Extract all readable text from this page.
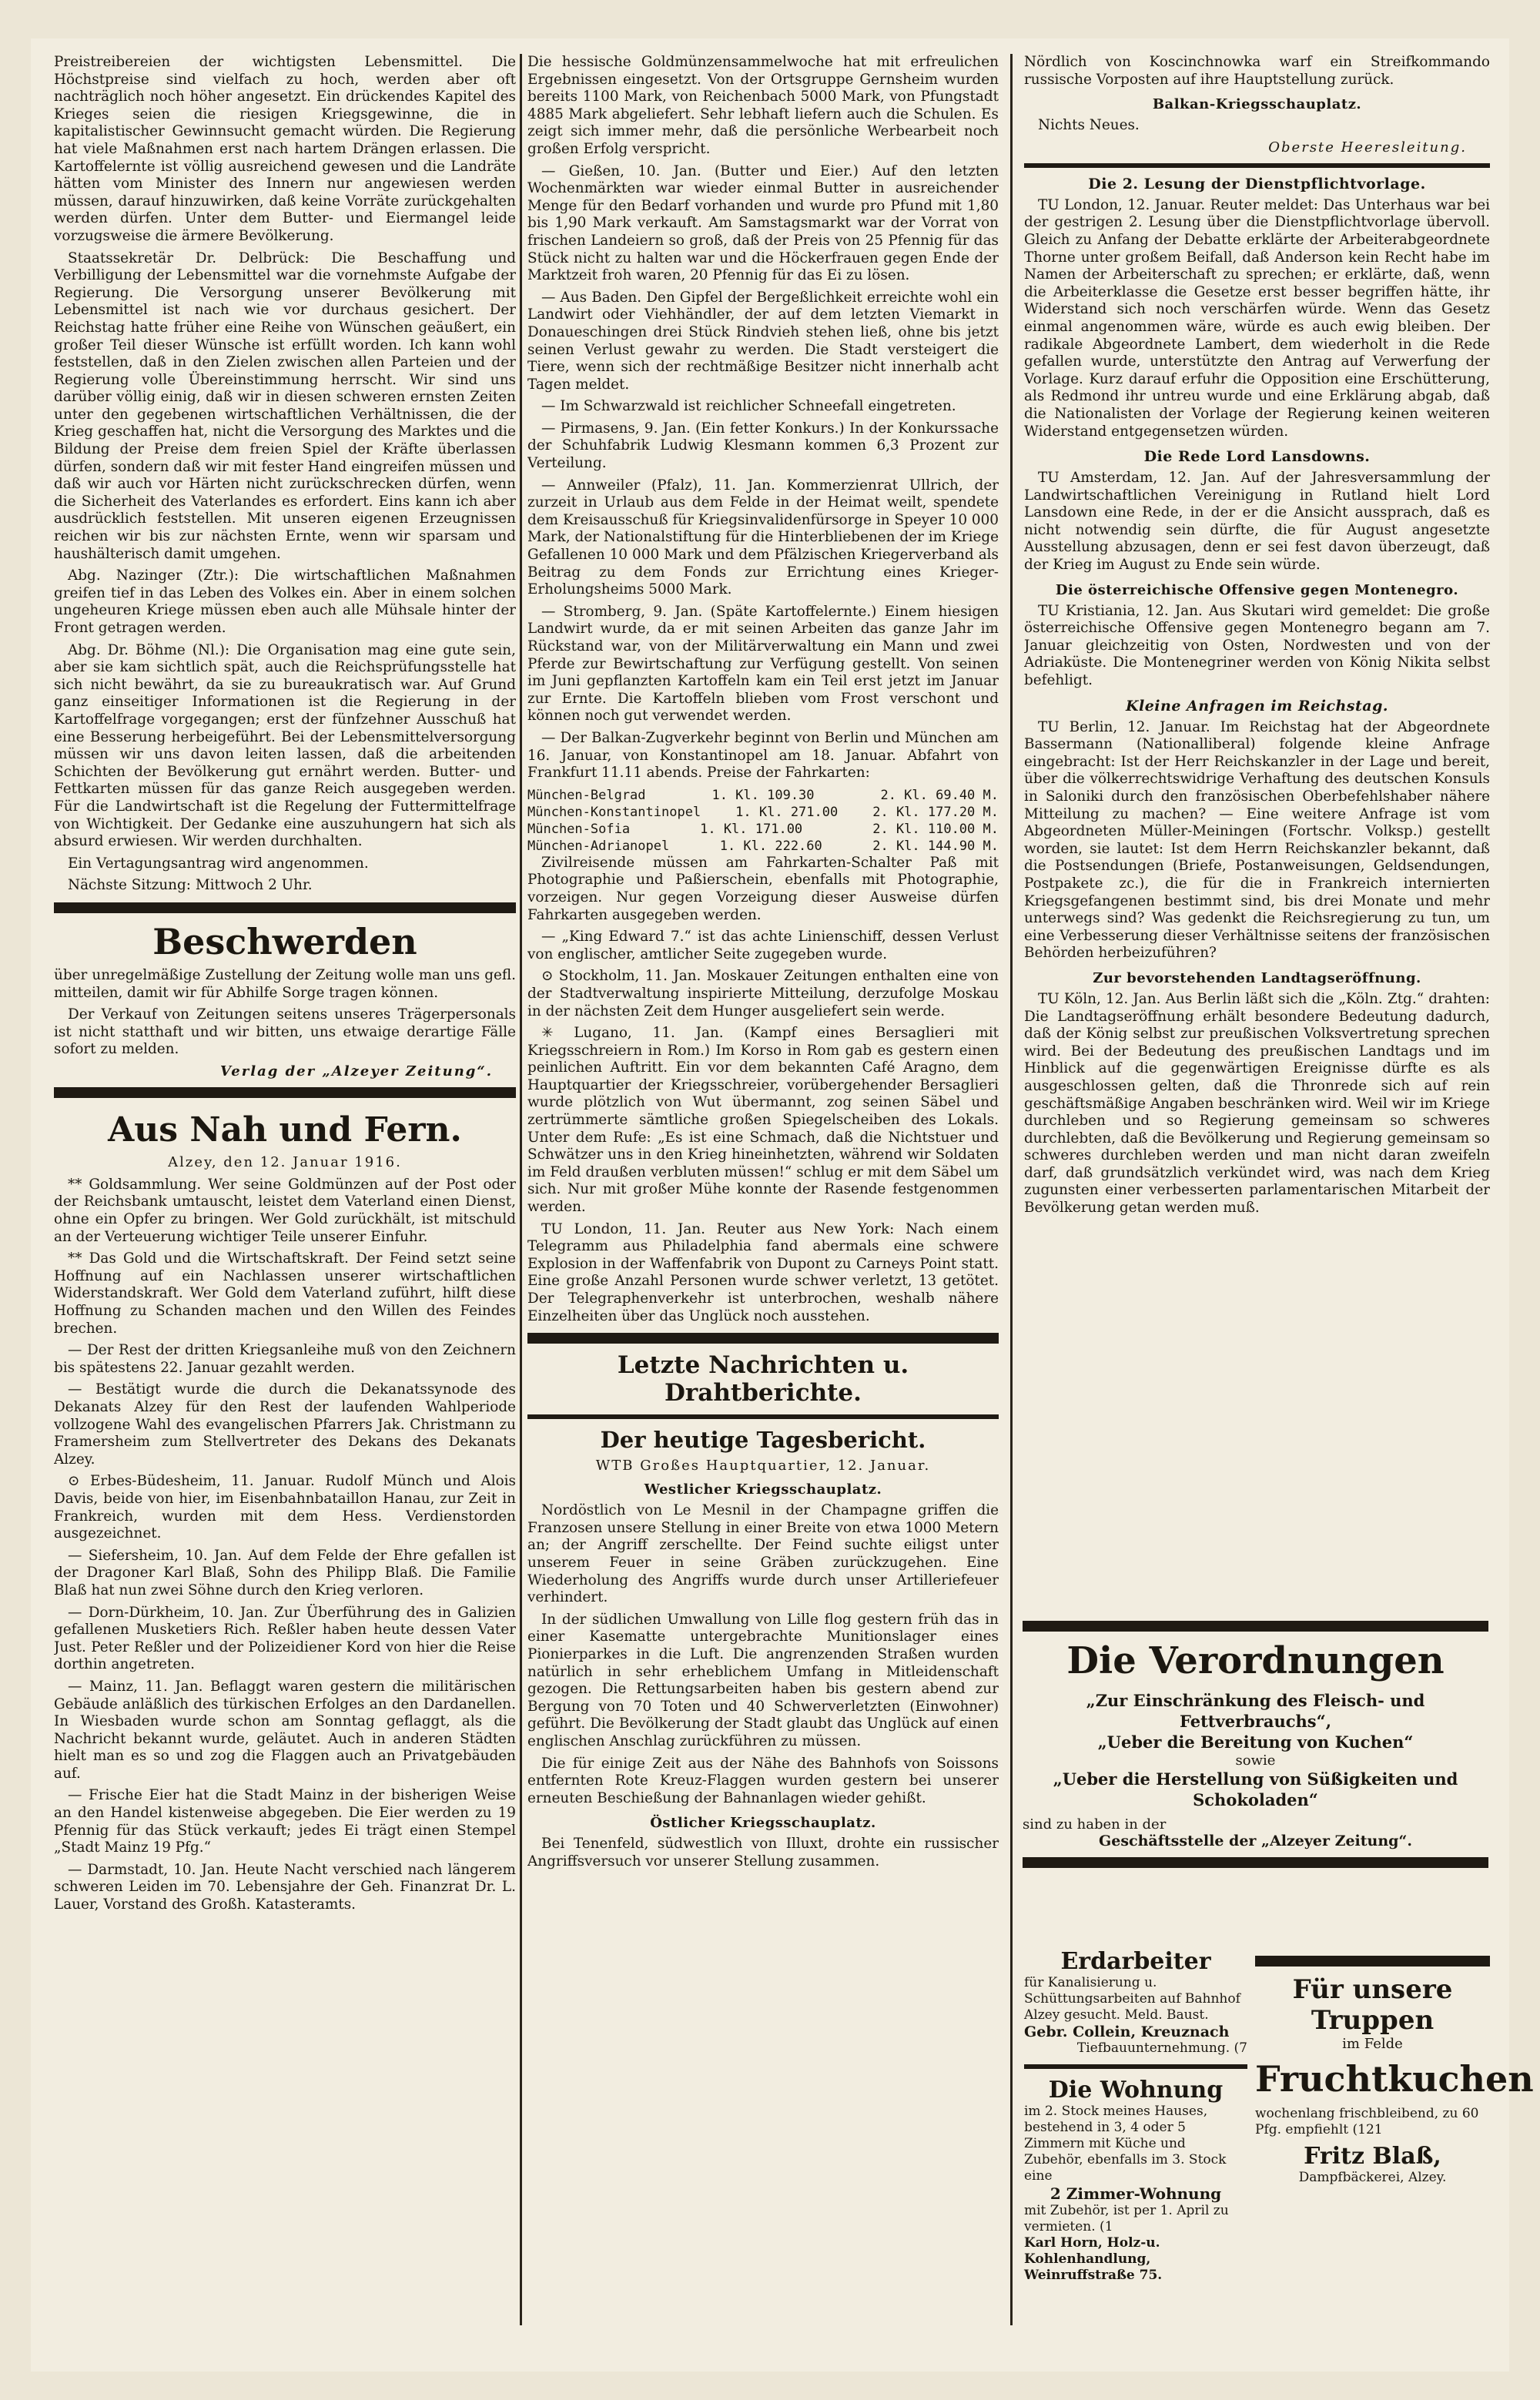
Preistreibereien der wichtigsten Lebensmittel. Die Höchstpreise sind vielfach zu hoch, werden aber oft nachträglich noch höher angesetzt. Ein drückendes Kapitel des Krieges seien die riesigen Kriegsgewinne, die in kapitalistischer Gewinnsucht gemacht würden. Die Regierung hat viele Maßnahmen erst nach hartem Drängen erlassen. Die Kartoffelernte ist völlig ausreichend gewesen und die Landräte hätten vom Minister des Innern nur angewiesen werden müssen, darauf hinzuwirken, daß keine Vorräte zurückgehalten werden dürfen. Unter dem Butter- und Eiermangel leide vorzugsweise die ärmere Bevölkerung.

Staatssekretär Dr. Delbrück: Die Beschaffung und Verbilligung der Lebensmittel war die vornehmste Aufgabe der Regierung. Die Versorgung unserer Bevölkerung mit Lebensmittel ist nach wie vor durchaus gesichert. Der Reichstag hatte früher eine Reihe von Wünschen geäußert, ein großer Teil dieser Wünsche ist erfüllt worden. Ich kann wohl feststellen, daß in den Zielen zwischen allen Parteien und der Regierung volle Übereinstimmung herrscht. Wir sind uns darüber völlig einig, daß wir in diesen schweren ernsten Zeiten unter den gegebenen wirtschaftlichen Verhältnissen, die der Krieg geschaffen hat, nicht die Versorgung des Marktes und die Bildung der Preise dem freien Spiel der Kräfte überlassen dürfen, sondern daß wir mit fester Hand eingreifen müssen und daß wir auch vor Härten nicht zurückschrecken dürfen, wenn die Sicherheit des Vaterlandes es erfordert. Eins kann ich aber ausdrücklich feststellen. Mit unseren eigenen Erzeugnissen reichen wir bis zur nächsten Ernte, wenn wir sparsam und haushälterisch damit umgehen.

Abg. Nazinger (Ztr.): Die wirtschaftlichen Maßnahmen greifen tief in das Leben des Volkes ein. Aber in einem solchen ungeheuren Kriege müssen eben auch alle Mühsale hinter der Front getragen werden.

Abg. Dr. Böhme (Nl.): Die Organisation mag eine gute sein, aber sie kam sichtlich spät, auch die Reichsprüfungsstelle hat sich nicht bewährt, da sie zu bureaukratisch war. Auf Grund ganz einseitiger Informationen ist die Regierung in der Kartoffelfrage vorgegangen; erst der fünfzehner Ausschuß hat eine Besserung herbeigeführt. Bei der Lebensmittelversorgung müssen wir uns davon leiten lassen, daß die arbeitenden Schichten der Bevölkerung gut ernährt werden. Butter- und Fettkarten müssen für das ganze Reich ausgegeben werden. Für die Landwirtschaft ist die Regelung der Futtermittelfrage von Wichtigkeit. Der Gedanke eine auszuhungern hat sich als absurd erwiesen. Wir werden durchhalten.

Ein Vertagungsantrag wird angenommen.

Nächste Sitzung: Mittwoch 2 Uhr.

Beschwerden

über unregelmäßige Zustellung der Zeitung wolle man uns gefl. mitteilen, damit wir für Abhilfe Sorge tragen können.

Der Verkauf von Zeitungen seitens unseres Trägerpersonals ist nicht statthaft und wir bitten, uns etwaige derartige Fälle sofort zu melden.

Verlag der „Alzeyer Zeitung“.
Aus Nah und Fern.
Alzey, den 12. Januar 1916.

** Goldsammlung. Wer seine Goldmünzen auf der Post oder der Reichsbank umtauscht, leistet dem Vaterland einen Dienst, ohne ein Opfer zu bringen. Wer Gold zurückhält, ist mitschuld an der Verteuerung wichtiger Teile unserer Einfuhr.

** Das Gold und die Wirtschaftskraft. Der Feind setzt seine Hoffnung auf ein Nachlassen unserer wirtschaftlichen Widerstandskraft. Wer Gold dem Vaterland zuführt, hilft diese Hoffnung zu Schanden machen und den Willen des Feindes brechen.

— Der Rest der dritten Kriegsanleihe muß von den Zeichnern bis spätestens 22. Januar gezahlt werden.

— Bestätigt wurde die durch die Dekanatssynode des Dekanats Alzey für den Rest der laufenden Wahlperiode vollzogene Wahl des evangelischen Pfarrers Jak. Christmann zu Framersheim zum Stellvertreter des Dekans des Dekanats Alzey.

⊙ Erbes-Büdesheim, 11. Januar. Rudolf Münch und Alois Davis, beide von hier, im Eisenbahnbataillon Hanau, zur Zeit in Frankreich, wurden mit dem Hess. Verdienstorden ausgezeichnet.

— Siefersheim, 10. Jan. Auf dem Felde der Ehre gefallen ist der Dragoner Karl Blaß, Sohn des Philipp Blaß. Die Familie Blaß hat nun zwei Söhne durch den Krieg verloren.

— Dorn-Dürkheim, 10. Jan. Zur Überführung des in Galizien gefallenen Musketiers Rich. Reßler haben heute dessen Vater Just. Peter Reßler und der Polizeidiener Kord von hier die Reise dorthin angetreten.

— Mainz, 11. Jan. Beflaggt waren gestern die militärischen Gebäude anläßlich des türkischen Erfolges an den Dardanellen. In Wiesbaden wurde schon am Sonntag geflaggt, als die Nachricht bekannt wurde, geläutet. Auch in anderen Städten hielt man es so und zog die Flaggen auch an Privatgebäuden auf.

— Frische Eier hat die Stadt Mainz in der bisherigen Weise an den Handel kistenweise abgegeben. Die Eier werden zu 19 Pfennig für das Stück verkauft; jedes Ei trägt einen Stempel „Stadt Mainz 19 Pfg.“

— Darmstadt, 10. Jan. Heute Nacht verschied nach längerem schweren Leiden im 70. Lebensjahre der Geh. Finanzrat Dr. L. Lauer, Vorstand des Großh. Katasteramts.

Die hessische Goldmünzensammelwoche hat mit erfreulichen Ergebnissen eingesetzt. Von der Ortsgruppe Gernsheim wurden bereits 1100 Mark, von Reichenbach 5000 Mark, von Pfungstadt 4885 Mark abgeliefert. Sehr lebhaft liefern auch die Schulen. Es zeigt sich immer mehr, daß die persönliche Werbearbeit noch großen Erfolg verspricht.

— Gießen, 10. Jan. (Butter und Eier.) Auf den letzten Wochenmärkten war wieder einmal Butter in ausreichender Menge für den Bedarf vorhanden und wurde pro Pfund mit 1,80 bis 1,90 Mark verkauft. Am Samstagsmarkt war der Vorrat von frischen Landeiern so groß, daß der Preis von 25 Pfennig für das Stück nicht zu halten war und die Höckerfrauen gegen Ende der Marktzeit froh waren, 20 Pfennig für das Ei zu lösen.

— Aus Baden. Den Gipfel der Bergeßlichkeit erreichte wohl ein Landwirt oder Viehhändler, der auf dem letzten Viemarkt in Donaueschingen drei Stück Rindvieh stehen ließ, ohne bis jetzt seinen Verlust gewahr zu werden. Die Stadt versteigert die Tiere, wenn sich der rechtmäßige Besitzer nicht innerhalb acht Tagen meldet.

— Im Schwarzwald ist reichlicher Schneefall eingetreten.

— Pirmasens, 9. Jan. (Ein fetter Konkurs.) In der Konkurssache der Schuhfabrik Ludwig Klesmann kommen 6,3 Prozent zur Verteilung.

— Annweiler (Pfalz), 11. Jan. Kommerzienrat Ullrich, der zurzeit in Urlaub aus dem Felde in der Heimat weilt, spendete dem Kreisausschuß für Kriegsinvalidenfürsorge in Speyer 10 000 Mark, der Nationalstiftung für die Hinterbliebenen der im Kriege Gefallenen 10 000 Mark und dem Pfälzischen Kriegerverband als Beitrag zu dem Fonds zur Errichtung eines Krieger-Erholungsheims 5000 Mark.

— Stromberg, 9. Jan. (Späte Kartoffelernte.) Einem hiesigen Landwirt wurde, da er mit seinen Arbeiten das ganze Jahr im Rückstand war, von der Militärverwaltung ein Mann und zwei Pferde zur Bewirtschaftung zur Verfügung gestellt. Von seinen im Juni gepflanzten Kartoffeln kam ein Teil erst jetzt im Januar zur Ernte. Die Kartoffeln blieben vom Frost verschont und können noch gut verwendet werden.

— Der Balkan-Zugverkehr beginnt von Berlin und München am 16. Januar, von Konstantinopel am 18. Januar. Abfahrt von Frankfurt 11.11 abends. Preise der Fahrkarten:

München-Belgrad	1. Kl. 109.30	2. Kl. 69.40 M.
München-Konstantinopel	1. Kl. 271.00	2. Kl. 177.20 M.
München-Sofia	1. Kl. 171.00	2. Kl. 110.00 M.
München-Adrianopel	1. Kl. 222.60	2. Kl. 144.90 M.

Zivilreisende müssen am Fahrkarten-Schalter Paß mit Photographie und Paßierschein, ebenfalls mit Photographie, vorzeigen. Nur gegen Vorzeigung dieser Ausweise dürfen Fahrkarten ausgegeben werden.

— „King Edward 7.“ ist das achte Linienschiff, dessen Verlust von englischer, amtlicher Seite zugegeben wurde.

⊙ Stockholm, 11. Jan. Moskauer Zeitungen enthalten eine von der Stadtverwaltung inspirierte Mitteilung, derzufolge Moskau in der nächsten Zeit dem Hunger ausgeliefert sein werde.

✳ Lugano, 11. Jan. (Kampf eines Bersaglieri mit Kriegsschreiern in Rom.) Im Korso in Rom gab es gestern einen peinlichen Auftritt. Ein vor dem bekannten Café Aragno, dem Hauptquartier der Kriegsschreier, vorübergehender Bersaglieri wurde plötzlich von Wut übermannt, zog seinen Säbel und zertrümmerte sämtliche großen Spiegelscheiben des Lokals. Unter dem Rufe: „Es ist eine Schmach, daß die Nichtstuer und Schwätzer uns in den Krieg hineinhetzten, während wir Soldaten im Feld draußen verbluten müssen!“ schlug er mit dem Säbel um sich. Nur mit großer Mühe konnte der Rasende festgenommen werden.

TU London, 11. Jan. Reuter aus New York: Nach einem Telegramm aus Philadelphia fand abermals eine schwere Explosion in der Waffenfabrik von Dupont zu Carneys Point statt. Eine große Anzahl Personen wurde schwer verletzt, 13 getötet. Der Telegraphenverkehr ist unterbrochen, weshalb nähere Einzelheiten über das Unglück noch ausstehen.

Letzte Nachrichten u. Drahtberichte.
Der heutige Tagesbericht.
WTB Großes Hauptquartier, 12. Januar.
Westlicher Kriegsschauplatz.

Nordöstlich von Le Mesnil in der Champagne griffen die Franzosen unsere Stellung in einer Breite von etwa 1000 Metern an; der Angriff zerschellte. Der Feind suchte eiligst unter unserem Feuer in seine Gräben zurückzugehen. Eine Wiederholung des Angriffs wurde durch unser Artilleriefeuer verhindert.

In der südlichen Umwallung von Lille flog gestern früh das in einer Kasematte untergebrachte Munitionslager eines Pionierparkes in die Luft. Die angrenzenden Straßen wurden natürlich in sehr erheblichem Umfang in Mitleidenschaft gezogen. Die Rettungsarbeiten haben bis gestern abend zur Bergung von 70 Toten und 40 Schwerverletzten (Einwohner) geführt. Die Bevölkerung der Stadt glaubt das Unglück auf einen englischen Anschlag zurückführen zu müssen.

Die für einige Zeit aus der Nähe des Bahnhofs von Soissons entfernten Rote Kreuz-Flaggen wurden gestern bei unserer erneuten Beschießung der Bahnanlagen wieder gehißt.

Östlicher Kriegsschauplatz.

Bei Tenenfeld, südwestlich von Illuxt, drohte ein russischer Angriffsversuch vor unserer Stellung zusammen.

Nördlich von Koscinchnowka warf ein Streifkommando russische Vorposten auf ihre Hauptstellung zurück.

Balkan-Kriegsschauplatz.

Nichts Neues.

Oberste Heeresleitung.
Die 2. Lesung der Dienstpflichtvorlage.

TU London, 12. Januar. Reuter meldet: Das Unterhaus war bei der gestrigen 2. Lesung über die Dienstpflichtvorlage übervoll. Gleich zu Anfang der Debatte erklärte der Arbeiterabgeordnete Thorne unter großem Beifall, daß Anderson kein Recht habe im Namen der Arbeiterschaft zu sprechen; er erklärte, daß, wenn die Arbeiterklasse die Gesetze erst besser begriffen hätte, ihr Widerstand sich noch verschärfen würde. Wenn das Gesetz einmal angenommen wäre, würde es auch ewig bleiben. Der radikale Abgeordnete Lambert, dem wiederholt in die Rede gefallen wurde, unterstützte den Antrag auf Verwerfung der Vorlage. Kurz darauf erfuhr die Opposition eine Erschütterung, als Redmond ihr untreu wurde und eine Erklärung abgab, daß die Nationalisten der Vorlage der Regierung keinen weiteren Widerstand entgegensetzen würden.

Die Rede Lord Lansdowns.

TU Amsterdam, 12. Jan. Auf der Jahresversammlung der Landwirtschaftlichen Vereinigung in Rutland hielt Lord Lansdown eine Rede, in der er die Ansicht aussprach, daß es nicht notwendig sein dürfte, die für August angesetzte Ausstellung abzusagen, denn er sei fest davon überzeugt, daß der Krieg im August zu Ende sein würde.

Die österreichische Offensive gegen Montenegro.

TU Kristiania, 12. Jan. Aus Skutari wird gemeldet: Die große österreichische Offensive gegen Montenegro begann am 7. Januar gleichzeitig von Osten, Nordwesten und von der Adriaküste. Die Montenegriner werden von König Nikita selbst befehligt.

Kleine Anfragen im Reichstag.

TU Berlin, 12. Januar. Im Reichstag hat der Abgeordnete Bassermann (Nationalliberal) folgende kleine Anfrage eingebracht: Ist der Herr Reichskanzler in der Lage und bereit, über die völkerrechtswidrige Verhaftung des deutschen Konsuls in Saloniki durch den französischen Oberbefehlshaber nähere Mitteilung zu machen? — Eine weitere Anfrage ist vom Abgeordneten Müller-Meiningen (Fortschr. Volksp.) gestellt worden, sie lautet: Ist dem Herrn Reichskanzler bekannt, daß die Postsendungen (Briefe, Postanweisungen, Geldsendungen, Postpakete zc.), die für die in Frankreich internierten Kriegsgefangenen bestimmt sind, bis drei Monate und mehr unterwegs sind? Was gedenkt die Reichsregierung zu tun, um eine Verbesserung dieser Verhältnisse seitens der französischen Behörden herbeizuführen?

Zur bevorstehenden Landtagseröffnung.

TU Köln, 12. Jan. Aus Berlin läßt sich die „Köln. Ztg.“ drahten: Die Landtagseröffnung erhält besondere Bedeutung dadurch, daß der König selbst zur preußischen Volksvertretung sprechen wird. Bei der Bedeutung des preußischen Landtags und im Hinblick auf die gegenwärtigen Ereignisse dürfte es als ausgeschlossen gelten, daß die Thronrede sich auf rein geschäftsmäßige Angaben beschränken wird. Weil wir im Kriege durchleben und so Regierung gemeinsam so schweres durchlebten, daß die Bevölkerung und Regierung gemeinsam so schweres durchleben werden und man nicht daran zweifeln darf, daß grundsätzlich verkündet wird, was nach dem Krieg zugunsten einer verbesserten parlamentarischen Mitarbeit der Bevölkerung getan werden muß.

Die Verordnungen
„Zur Einschränkung des Fleisch- und Fettverbrauchs“,
„Ueber die Bereitung von Kuchen“
sowie
„Ueber die Herstellung von Süßigkeiten und Schokoladen“
sind zu haben in der
Geschäftsstelle der „Alzeyer Zeitung“.
Erdarbeiter
für Kanalisierung u. Schüttungsarbeiten auf Bahnhof Alzey gesucht. Meld. Baust.
Gebr. Collein, Kreuznach
Tiefbauunternehmung. (7
Die Wohnung
im 2. Stock meines Hauses, bestehend in 3, 4 oder 5 Zimmern mit Küche und Zubehör, ebenfalls im 3. Stock eine
2 Zimmer-Wohnung
mit Zubehör, ist per 1. April zu vermieten. (1
Karl Horn, Holz-u. Kohlenhandlung, Weinruffstraße 75.
Für unsere Truppen
im Felde
Fruchtkuchen
wochenlang frischbleibend, zu 60 Pfg. empfiehlt (121
Fritz Blaß,
Dampfbäckerei, Alzey.
